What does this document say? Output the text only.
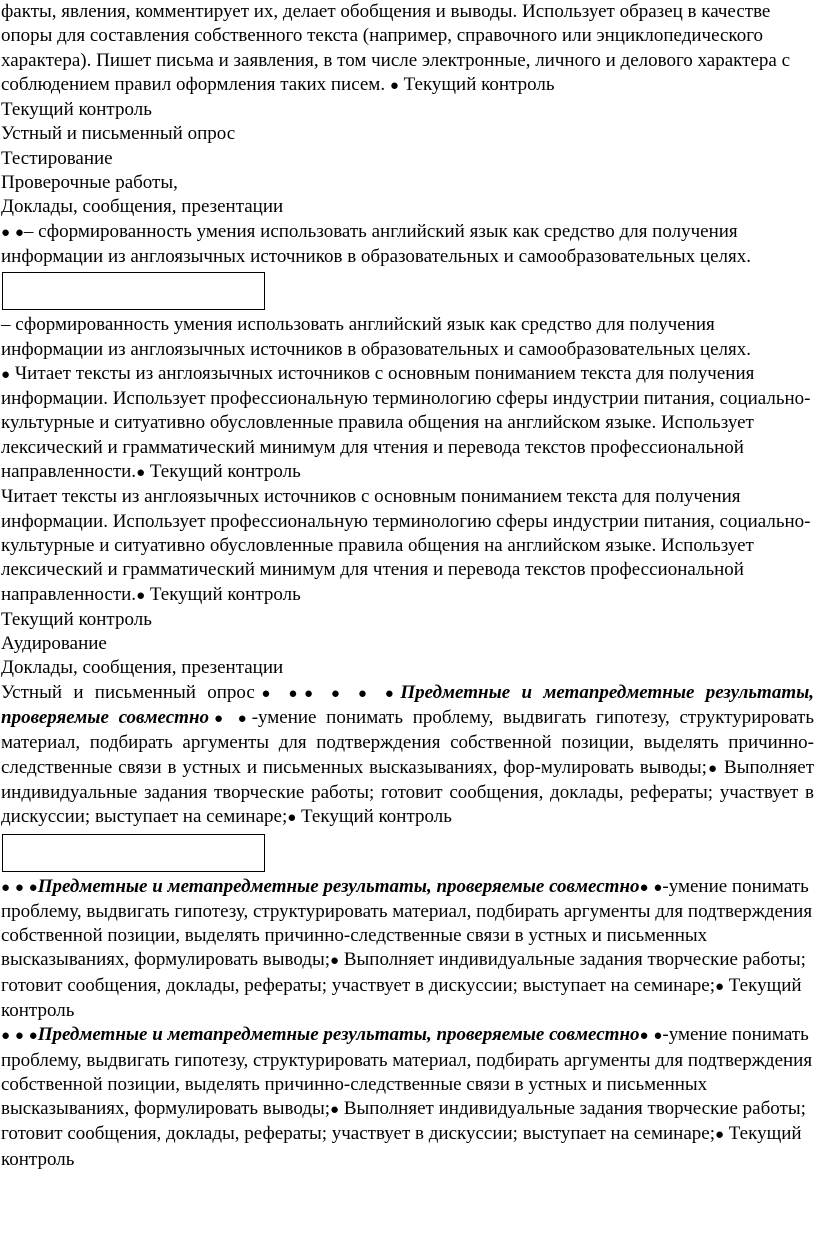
факты, явления, комментирует их, делает обобщения и выводы. Использует образец в качестве опоры для составления собственного текста (например, справочного или энциклопедического характера). Пишет письма и заявления, в том числе электронные, личного и делового характера с соблюдением правил оформления таких писем. ● Текущий контроль
Текущий контроль
Устный и письменный опрос
Тестирование
Проверочные работы,
Доклады, сообщения, презентации
● ●– сформированность умения использовать английский язык как средство для получения информации из англоязычных источников в образовательных и самообразовательных целях.
– сформированность умения использовать английский язык как средство для получения информации из англоязычных источников в образовательных и самообразовательных целях.
● Читает тексты из англоязычных источников с основным пониманием текста для получения информации. Использует профессиональную терминологию сферы индустрии питания, социально-культурные и ситуативно обусловленные правила общения на английском языке. Использует лексический и грамматический минимум для чтения и перевода текстов профессиональной направленности.● Текущий контроль
Читает тексты из англоязычных источников с основным пониманием текста для получения информации. Использует профессиональную терминологию сферы индустрии питания, социально-культурные и ситуативно обусловленные правила общения на английском языке. Использует лексический и грамматический минимум для чтения и перевода текстов профессиональной направленности.● Текущий контроль
Текущий контроль
Аудирование
Доклады, сообщения, презентации
Устный и письменный опрос● ●● ● ● ●Предметные и метапредметные результаты, проверяемые совместно● ●-умение понимать проблему, выдвигать гипотезу, структурировать материал, подбирать аргументы для подтверждения собственной позиции, выделять причинно-следственные связи в устных и письменных высказываниях, фор-мулировать выводы;● Выполняет индивидуальные задания творческие работы; готовит сообщения, доклады, рефераты; участвует в дискуссии; выступает на семинаре;● Текущий контроль
● ● ●Предметные и метапредметные результаты, проверяемые совместно● ●-умение понимать проблему, выдвигать гипотезу, структурировать материал, подбирать аргументы для подтверждения собственной позиции, выделять причинно-следственные связи в устных и письменных высказываниях, формулировать выводы;● Выполняет индивидуальные задания творческие работы; готовит сообщения, доклады, рефераты; участвует в дискуссии; выступает на семинаре;● Текущий контроль
● ● ●Предметные и метапредметные результаты, проверяемые совместно● ●-умение понимать проблему, выдвигать гипотезу, структурировать материал, подбирать аргументы для подтверждения собственной позиции, выделять причинно-следственные связи в устных и письменных высказываниях, формулировать выводы;● Выполняет индивидуальные задания творческие работы; готовит сообщения, доклады, рефераты; участвует в дискуссии; выступает на семинаре;● Текущий контроль
